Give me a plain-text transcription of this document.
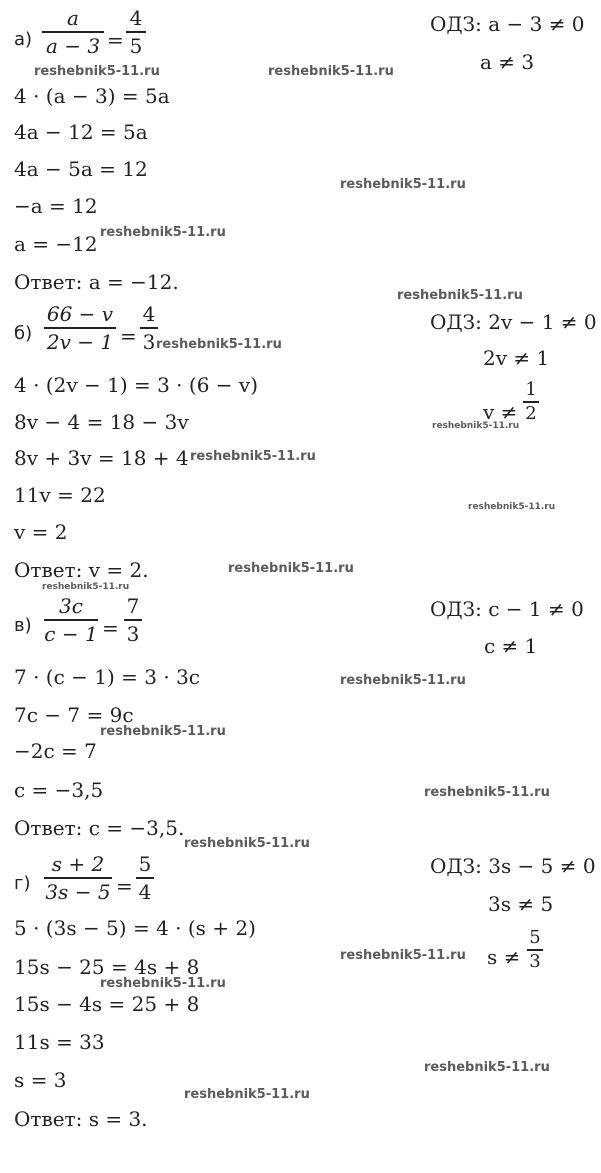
а)
a
a − 3 =
4
5
ОДЗ: a − 3 ≠ 0
a ≠ 3
4 · (a − 3) = 5a
4a − 12 = 5a
4a − 5a = 12
−a = 12
a = −12
Ответ: a = −12.
б)
66 − v
2v − 1 =
4
3
ОДЗ: 2v − 1 ≠ 0
2v ≠ 1
v ≠
1
2
4 · (2v − 1) = 3 · (6 − v)
8v − 4 = 18 − 3v
8v + 3v = 18 + 4
11v = 22
v = 2
Ответ: v = 2.
в)
3c
c − 1 =
7
3
ОДЗ: c − 1 ≠ 0
c ≠ 1
7 · (c − 1) = 3 · 3c
7c − 7 = 9c
−2c = 7
c = −3,5
Ответ: c = −3,5.
г)
s + 2
3s − 5 =
5
4
ОДЗ: 3s − 5 ≠ 0
3s ≠ 5
s ≠
5
3
5 · (3s − 5) = 4 · (s + 2)
15s − 25 = 4s + 8
15s − 4s = 25 + 8
11s = 33
s = 3
Ответ: s = 3.
reshebnik5-11.ru	reshebnik5-11.ru
reshebnik5-11.ru
reshebnik5-11.ru
reshebnik5-11.ru
reshebnik5-11.ru
reshebnik5-11.ru
reshebnik5-11.ru
reshebnik5-11.ru
reshebnik5-11.ru
reshebnik5-11.ru
reshebnik5-11.ru
reshebnik5-11.ru
reshebnik5-11.ru
reshebnik5-11.ru
reshebnik5-11.ru
reshebnik5-11.ru
reshebnik5-11.ru
reshebnik5-11.ru
